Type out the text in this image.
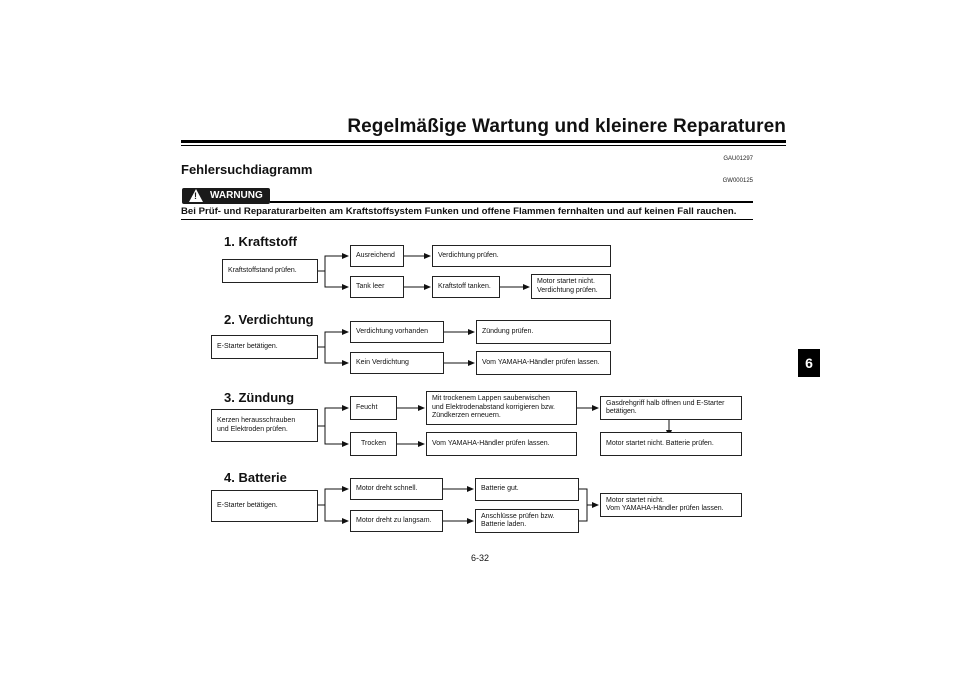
Regelmäßige Wartung und kleinere Reparaturen
GAU01297
Fehlersuchdiagramm
GW000125
! WARNUNG
Bei Prüf- und Reparaturarbeiten am Kraftstoffsystem Funken und offene Flammen fernhalten und auf keinen Fall rauchen.
6
1. Kraftstoff
Kraftstoffstand prüfen.
Ausreichend	Verdichtung prüfen.
Tank leer	Kraftstoff tanken.
Motor startet nicht.
Verdichtung prüfen.
2. Verdichtung
E-Starter betätigen.
Verdichtung vorhanden	Zündung prüfen.
Kein Verdichtung	Vom YAMAHA-Händler prüfen lassen.
3. Zündung
Kerzen herausschrauben
und Elektroden prüfen.
Feucht
Mit trockenem Lappen sauberwischen
und Elektrodenabstand korrigieren bzw.
Zündkerzen erneuern.
Gasdrehgriff halb öffnen und E-Starter
betätigen.
Trocken	Vom YAMAHA-Händler prüfen lassen.	Motor startet nicht. Batterie prüfen.
4. Batterie
E-Starter betätigen.
Motor dreht schnell.	Batterie gut.
Motor dreht zu langsam.
Anschlüsse prüfen bzw.
Batterie laden.
Motor startet nicht.
Vom YAMAHA-Händler prüfen lassen.
6-32
